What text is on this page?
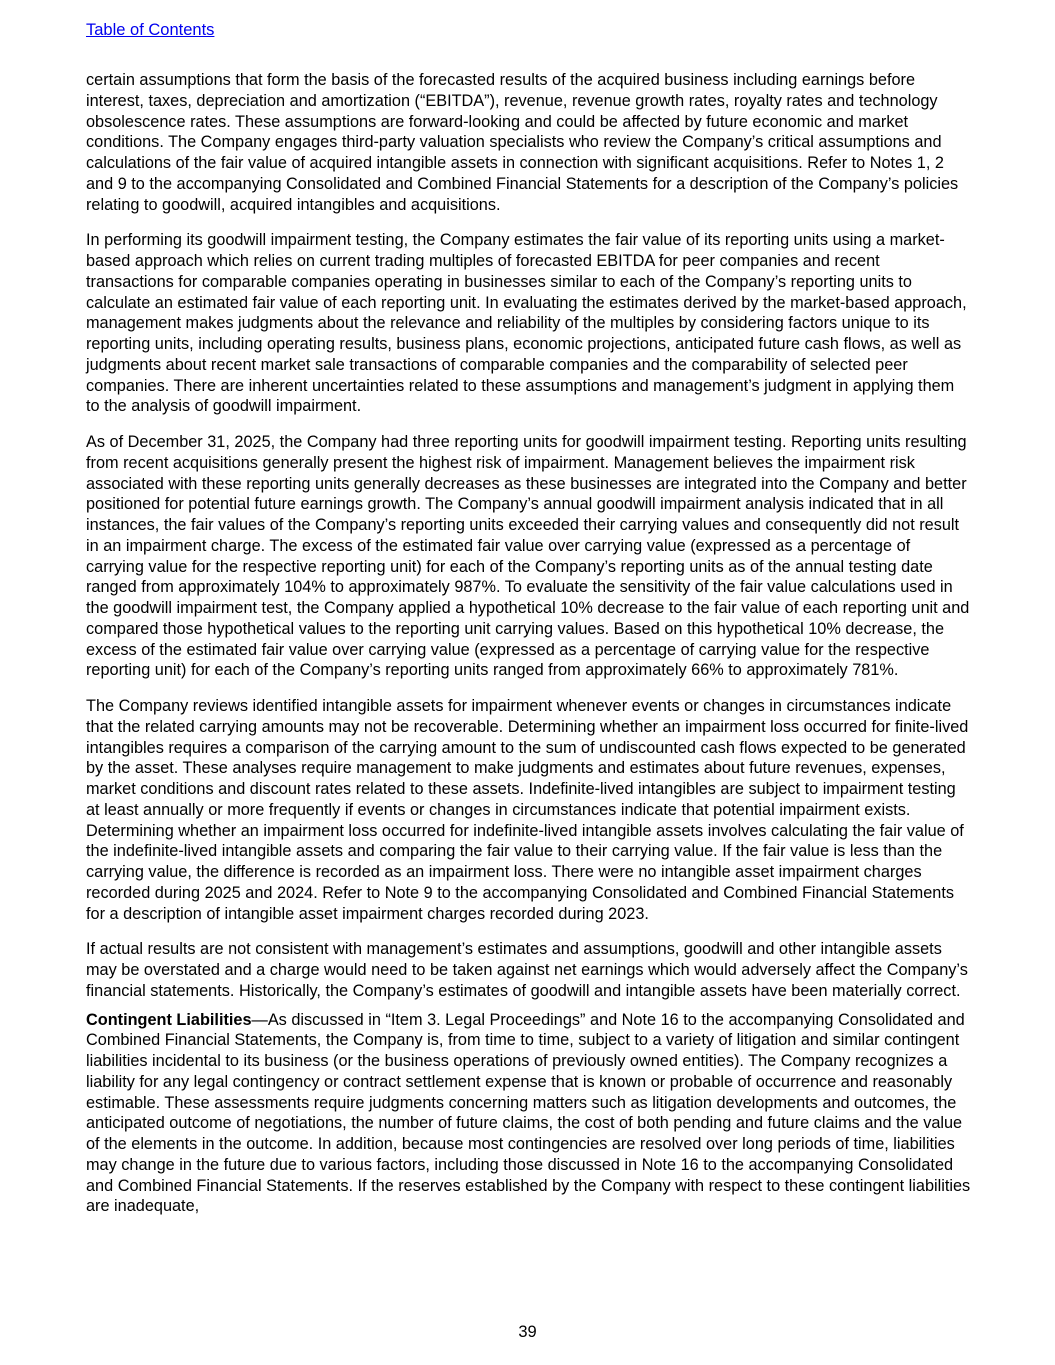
Table of Contents

certain assumptions that form the basis of the forecasted results of the acquired business including earnings before interest, taxes, depreciation and amortization (“EBITDA”), revenue, revenue growth rates, royalty rates and technology obsolescence rates. These assumptions are forward-looking and could be affected by future economic and market conditions. The Company engages third-party valuation specialists who review the Company’s critical assumptions and calculations of the fair value of acquired intangible assets in connection with significant acquisitions. Refer to Notes 1, 2 and 9 to the accompanying Consolidated and Combined Financial Statements for a description of the Company’s policies relating to goodwill, acquired intangibles and acquisitions.

In performing its goodwill impairment testing, the Company estimates the fair value of its reporting units using a market-based approach which relies on current trading multiples of forecasted EBITDA for peer companies and recent transactions for comparable companies operating in businesses similar to each of the Company’s reporting units to calculate an estimated fair value of each reporting unit. In evaluating the estimates derived by the market-based approach, management makes judgments about the relevance and reliability of the multiples by considering factors unique to its reporting units, including operating results, business plans, economic projections, anticipated future cash flows, as well as judgments about recent market sale transactions of comparable companies and the comparability of selected peer companies. There are inherent uncertainties related to these assumptions and management’s judgment in applying them to the analysis of goodwill impairment.

As of December 31, 2025, the Company had three reporting units for goodwill impairment testing. Reporting units resulting from recent acquisitions generally present the highest risk of impairment. Management believes the impairment risk associated with these reporting units generally decreases as these businesses are integrated into the Company and better positioned for potential future earnings growth. The Company’s annual goodwill impairment analysis indicated that in all instances, the fair values of the Company’s reporting units exceeded their carrying values and consequently did not result in an impairment charge. The excess of the estimated fair value over carrying value (expressed as a percentage of carrying value for the respective reporting unit) for each of the Company’s reporting units as of the annual testing date ranged from approximately 104% to approximately 987%. To evaluate the sensitivity of the fair value calculations used in the goodwill impairment test, the Company applied a hypothetical 10% decrease to the fair value of each reporting unit and compared those hypothetical values to the reporting unit carrying values. Based on this hypothetical 10% decrease, the excess of the estimated fair value over carrying value (expressed as a percentage of carrying value for the respective reporting unit) for each of the Company’s reporting units ranged from approximately 66% to approximately 781%.

The Company reviews identified intangible assets for impairment whenever events or changes in circumstances indicate that the related carrying amounts may not be recoverable. Determining whether an impairment loss occurred for finite-lived intangibles requires a comparison of the carrying amount to the sum of undiscounted cash flows expected to be generated by the asset. These analyses require management to make judgments and estimates about future revenues, expenses, market conditions and discount rates related to these assets. Indefinite-lived intangibles are subject to impairment testing at least annually or more frequently if events or changes in circumstances indicate that potential impairment exists. Determining whether an impairment loss occurred for indefinite-lived intangible assets involves calculating the fair value of the indefinite-lived intangible assets and comparing the fair value to their carrying value. If the fair value is less than the carrying value, the difference is recorded as an impairment loss. There were no intangible asset impairment charges recorded during 2025 and 2024. Refer to Note 9 to the accompanying Consolidated and Combined Financial Statements for a description of intangible asset impairment charges recorded during 2023.

If actual results are not consistent with management’s estimates and assumptions, goodwill and other intangible assets may be overstated and a charge would need to be taken against net earnings which would adversely affect the Company’s financial statements. Historically, the Company’s estimates of goodwill and intangible assets have been materially correct.

Contingent Liabilities—As discussed in “Item 3. Legal Proceedings” and Note 16 to the accompanying Consolidated and Combined Financial Statements, the Company is, from time to time, subject to a variety of litigation and similar contingent liabilities incidental to its business (or the business operations of previously owned entities). The Company recognizes a liability for any legal contingency or contract settlement expense that is known or probable of occurrence and reasonably estimable. These assessments require judgments concerning matters such as litigation developments and outcomes, the anticipated outcome of negotiations, the number of future claims, the cost of both pending and future claims and the value of the elements in the outcome. In addition, because most contingencies are resolved over long periods of time, liabilities may change in the future due to various factors, including those discussed in Note 16 to the accompanying Consolidated and Combined Financial Statements. If the reserves established by the Company with respect to these contingent liabilities are inadequate,

39
